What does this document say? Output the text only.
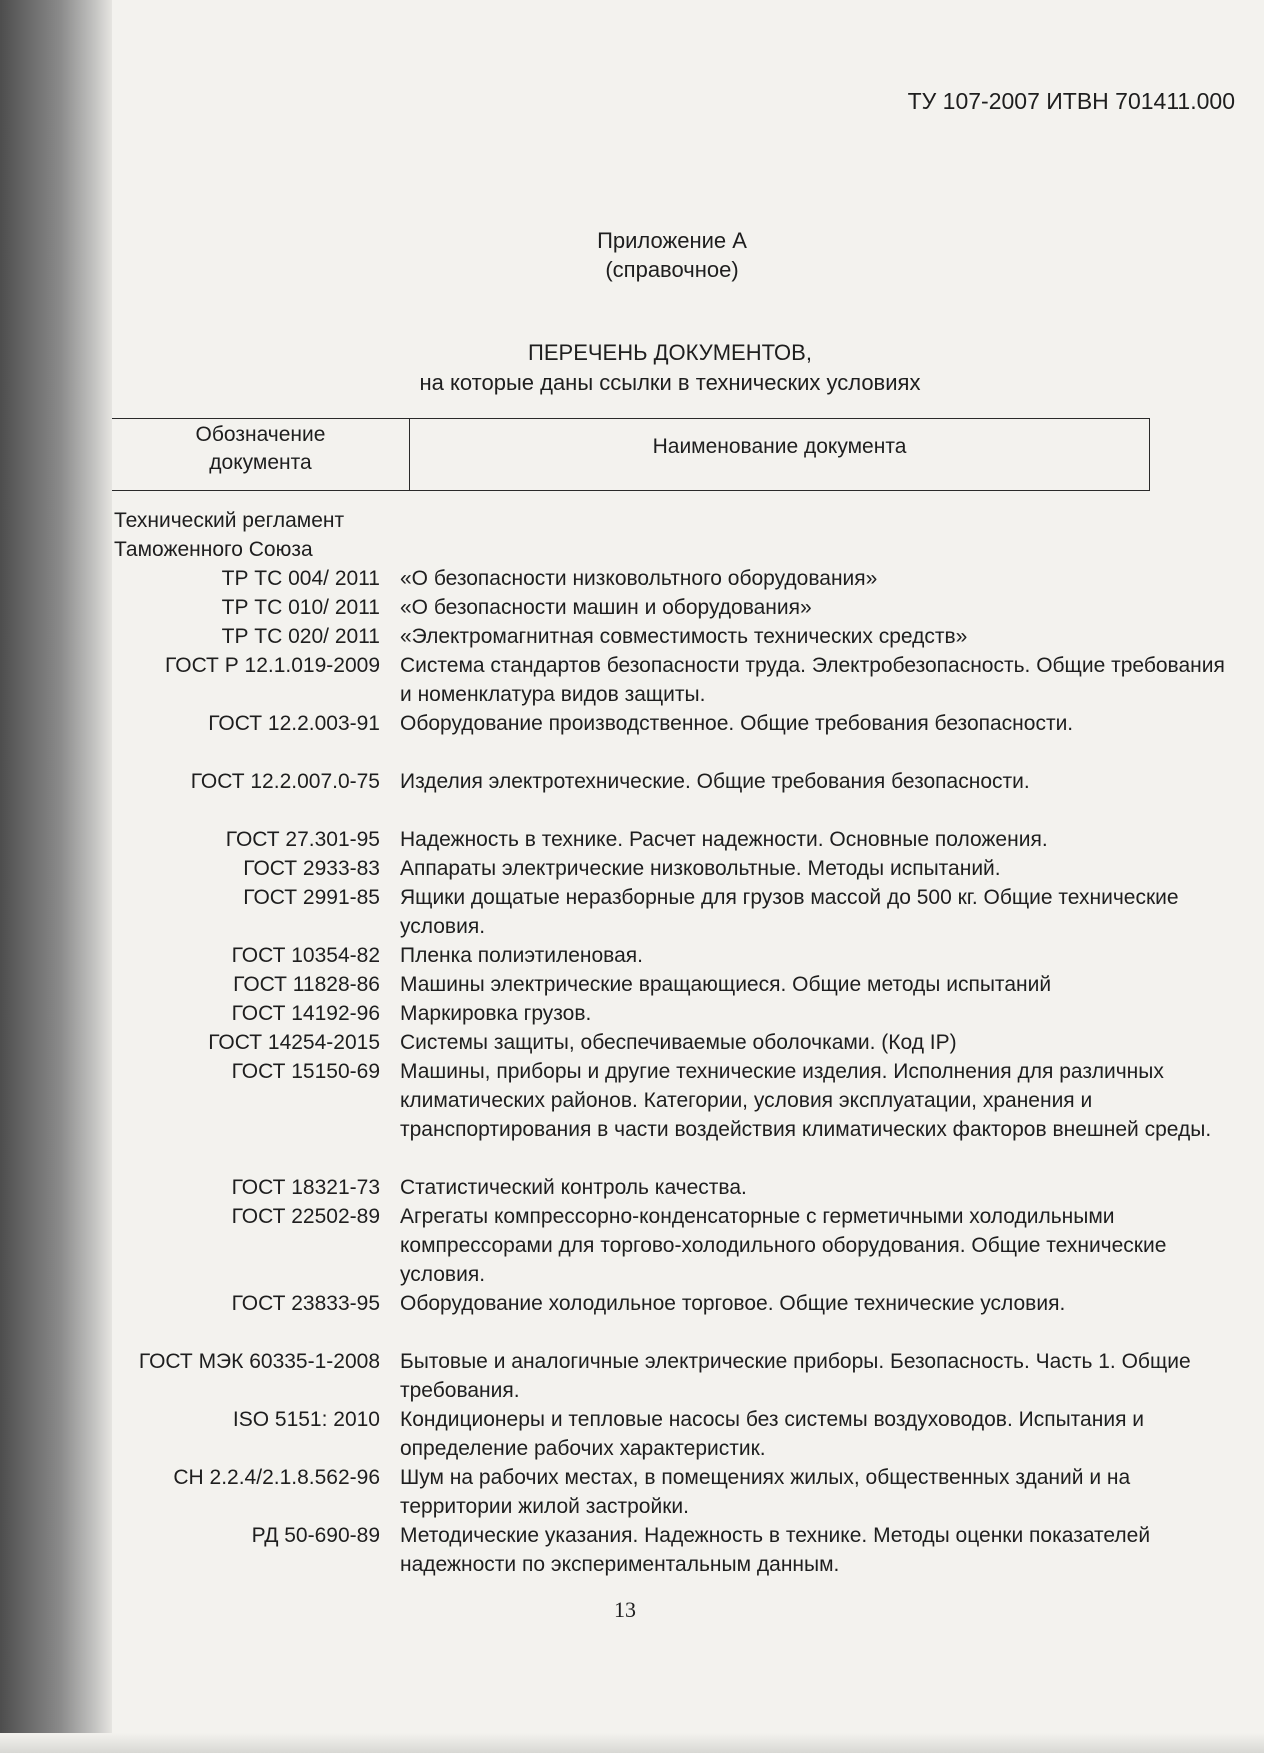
ТУ 107-2007 ИТВН 701411.000
Приложение А
(справочное)
ПЕРЕЧЕНЬ ДОКУМЕНТОВ,
на которые даны ссылки в технических условиях
Обозначение
документа
Наименование документа
Технический регламент
Таможенного Союза
ТР ТС 004/ 2011 «О безопасности низковольтного оборудования»
ТР ТС 010/ 2011 «О безопасности машин и оборудования»
ТР ТС 020/ 2011 «Электромагнитная совместимость технических средств»
ГОСТ Р 12.1.019-2009 Система стандартов безопасности труда. Электробезопасность. Общие требования и номенклатура видов защиты.
ГОСТ 12.2.003-91 Оборудование производственное. Общие требования безопасности.
ГОСТ 12.2.007.0-75 Изделия электротехнические. Общие требования безопасности.
ГОСТ 27.301-95 Надежность в технике. Расчет надежности. Основные положения.
ГОСТ 2933-83 Аппараты электрические низковольтные. Методы испытаний.
ГОСТ 2991-85 Ящики дощатые неразборные для грузов массой до 500 кг. Общие технические условия.
ГОСТ 10354-82 Пленка полиэтиленовая.
ГОСТ 11828-86 Машины электрические вращающиеся. Общие методы испытаний
ГОСТ 14192-96 Маркировка грузов.
ГОСТ 14254-2015 Системы защиты, обеспечиваемые оболочками. (Код IP)
ГОСТ 15150-69 Машины, приборы и другие технические изделия. Исполнения для различных климатических районов. Категории, условия эксплуатации, хранения и транспортирования в части воздействия климатических факторов внешней среды.
ГОСТ 18321-73 Статистический контроль качества.
ГОСТ 22502-89 Агрегаты компрессорно-конденсаторные с герметичными холодильными компрессорами для торгово-холодильного оборудования. Общие технические условия.
ГОСТ 23833-95 Оборудование холодильное торговое. Общие технические условия.
ГОСТ МЭК 60335-1-2008 Бытовые и аналогичные электрические приборы. Безопасность. Часть 1. Общие требования.
ISO 5151: 2010 Кондиционеры и тепловые насосы без системы воздуховодов. Испытания и определение рабочих характеристик.
СН 2.2.4/2.1.8.562-96 Шум на рабочих местах, в помещениях жилых, общественных зданий и на территории жилой застройки.
РД 50-690-89 Методические указания. Надежность в технике. Методы оценки показателей надежности по экспериментальным данным.
13
